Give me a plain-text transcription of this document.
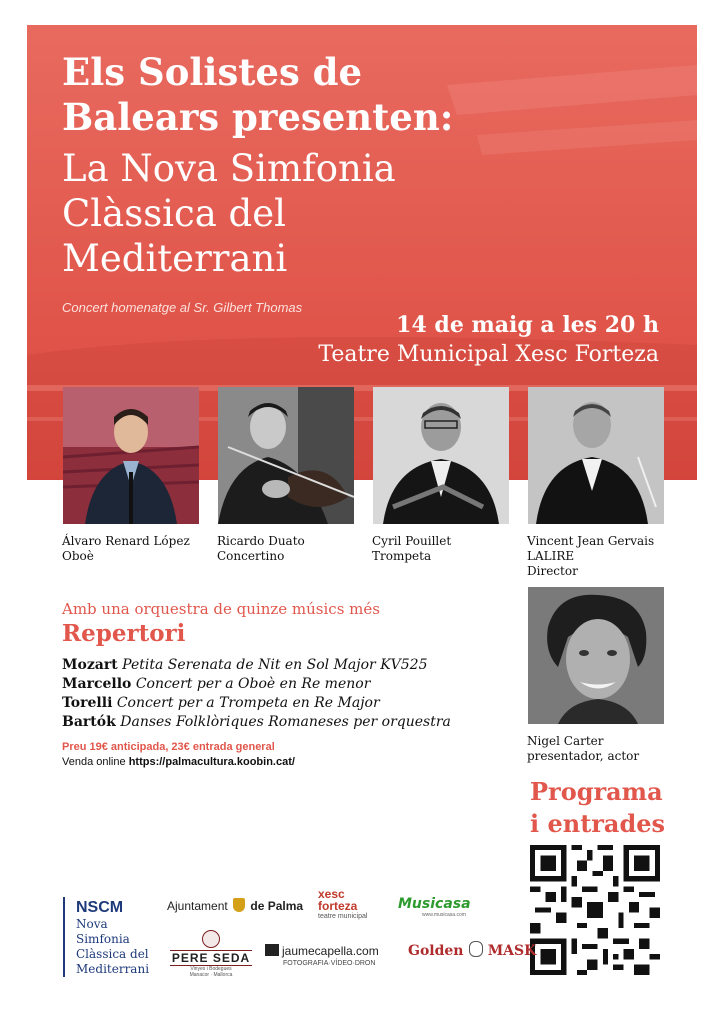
Els Solistes de
Balears presenten:
La Nova Simfonia
Clàssica del
Mediterrani
Concert homenatge al Sr. Gilbert Thomas
14 de maig a les 20 h
Teatre Municipal Xesc Forteza
Álvaro Renard López
Oboè
Ricardo Duato
Concertino
Cyril Pouillet
Trompeta
Vincent Jean Gervais
LALIRE
Director
Nigel Carter
presentador, actor
Amb una orquestra de quinze músics més
Repertori
Mozart Petita Serenata de Nit en Sol Major KV525
Marcello Concert per a Oboè en Re menor
Torelli Concert per a Trompeta en Re Major
Bartók Danses Folklòriques Romaneses per orquestra
Preu 19€ anticipada, 23€ entrada general
Venda online https://palmacultura.koobin.cat/
Programa
i entrades
NSCM
Nova
Simfonia
Clàssica del
Mediterrani
Ajuntament de Palma
xesc
forteza
teatre municipal
Musicasa
www.musicasa.com
PERE SEDA
Vinyes i Bodegues
Manacor · Mallorca
jaumecapella.com
FOTOGRAFIA·VÍDEO·DRON
Golden MASK
